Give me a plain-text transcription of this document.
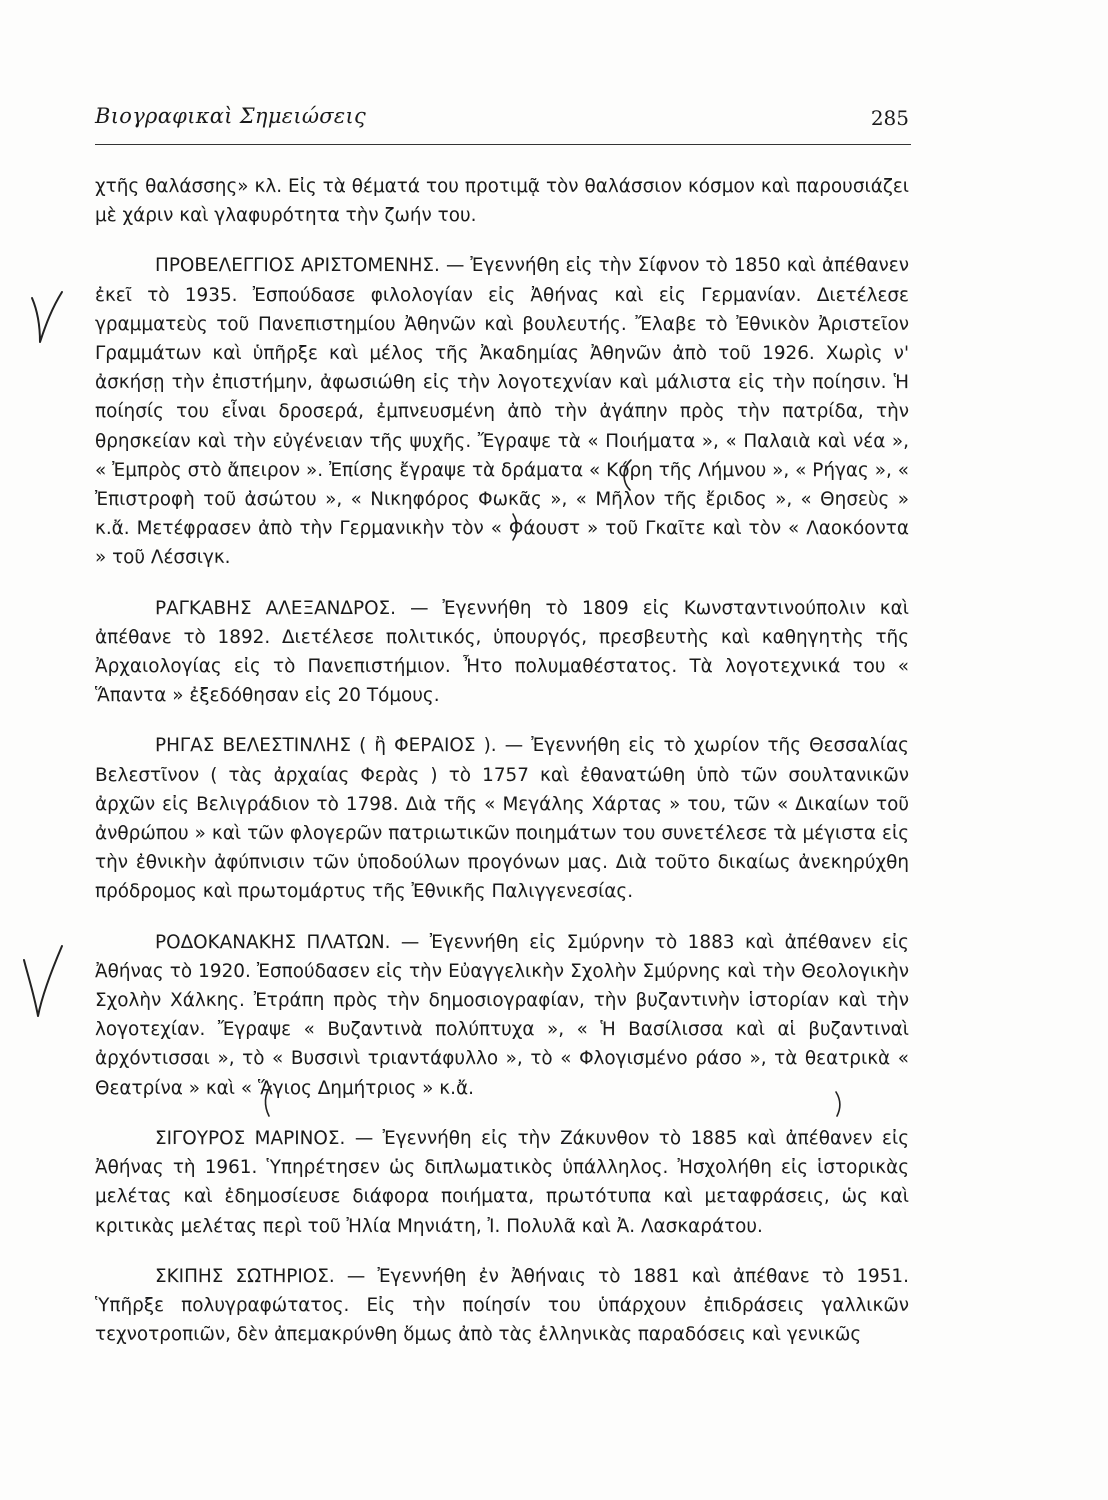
Βιογραφικαὶ Σημειώσεις	285

χτῆς θαλάσσης» κλ. Εἰς τὰ θέματά του προτιμᾷ τὸν θαλάσσιον κόσμον καὶ παρουσιάζει μὲ χάριν καὶ γλαφυρότητα τὴν ζωήν του.

ΠΡΟΒΕΛΕΓΓΙΟΣ ΑΡΙΣΤΟΜΕΝΗΣ. — Ἐγεννήθη εἰς τὴν Σίφνον τὸ 1850 καὶ ἀπέθανεν ἐκεῖ τὸ 1935. Ἐσπούδασε φιλολογίαν εἰς Ἀθήνας καὶ εἰς Γερμανίαν. Διετέλεσε γραμματεὺς τοῦ Πανεπιστημίου Ἀθηνῶν καὶ βουλευτής. Ἔλαβε τὸ Ἐθνικὸν Ἀριστεῖον Γραμμάτων καὶ ὑπῆρξε καὶ μέλος τῆς Ἀκαδημίας Ἀθηνῶν ἀπὸ τοῦ 1926. Χωρὶς ν' ἀσκήσῃ τὴν ἐπιστήμην, ἀφωσιώθη εἰς τὴν λογοτεχνίαν καὶ μάλιστα εἰς τὴν ποίησιν. Ἡ ποίησίς του εἶναι δροσερά, ἐμπνευσμένη ἀπὸ τὴν ἀγάπην πρὸς τὴν πατρίδα, τὴν θρησκείαν καὶ τὴν εὐγένειαν τῆς ψυχῆς. Ἔγραψε τὰ « Ποιήματα », « Παλαιὰ καὶ νέα », « Ἐμπρὸς στὸ ἄπειρον ». Ἐπίσης ἔγραψε τὰ δράματα « Κόρη τῆς Λήμνου », « Ρήγας », « Ἐπιστροφὴ τοῦ ἀσώτου », « Νικηφόρος Φωκᾶς », « Μῆλον τῆς ἔριδος », « Θησεὺς » κ.ἄ. Μετέφρασεν ἀπὸ τὴν Γερμανικὴν τὸν « Φάουστ » τοῦ Γκαῖτε καὶ τὸν « Λαοκόοντα » τοῦ Λέσσιγκ.

ΡΑΓΚΑΒΗΣ ΑΛΕΞΑΝΔΡΟΣ. — Ἐγεννήθη τὸ 1809 εἰς Κωνσταντινούπολιν καὶ ἀπέθανε τὸ 1892. Διετέλεσε πολιτικός, ὑπουργός, πρεσβευτὴς καὶ καθηγητὴς τῆς Ἀρχαιολογίας εἰς τὸ Πανεπιστήμιον. Ἦτο πολυμαθέστατος. Τὰ λογοτεχνικά του « Ἅπαντα » ἐξεδόθησαν εἰς 20 Τόμους.

ΡΗΓΑΣ ΒΕΛΕΣΤΙΝΛΗΣ ( ἢ ΦΕΡΑΙΟΣ ). — Ἐγεννήθη εἰς τὸ χωρίον τῆς Θεσσαλίας Βελεστῖνον ( τὰς ἀρχαίας Φερὰς ) τὸ 1757 καὶ ἐθανατώθη ὑπὸ τῶν σουλτανικῶν ἀρχῶν εἰς Βελιγράδιον τὸ 1798. Διὰ τῆς « Μεγάλης Χάρτας » του, τῶν « Δικαίων τοῦ ἀνθρώπου » καὶ τῶν φλογερῶν πατριωτικῶν ποιημάτων του συνετέλεσε τὰ μέγιστα εἰς τὴν ἐθνικὴν ἀφύπνισιν τῶν ὑποδούλων προγόνων μας. Διὰ τοῦτο δικαίως ἀνεκηρύχθη πρόδρομος καὶ πρωτομάρτυς τῆς Ἐθνικῆς Παλιγγενεσίας.

ΡΟΔΟΚΑΝΑΚΗΣ ΠΛΑΤΩΝ. — Ἐγεννήθη εἰς Σμύρνην τὸ 1883 καὶ ἀπέθανεν εἰς Ἀθήνας τὸ 1920. Ἐσπούδασεν εἰς τὴν Εὐαγγελικὴν Σχολὴν Σμύρνης καὶ τὴν Θεολογικὴν Σχολὴν Χάλκης. Ἐτράπη πρὸς τὴν δημοσιογραφίαν, τὴν βυζαντινὴν ἱστορίαν καὶ τὴν λογοτεχίαν. Ἔγραψε « Βυζαντινὰ πολύπτυχα », « Ἡ Βασίλισσα καὶ αἱ βυζαντιναὶ ἀρχόντισσαι », τὸ « Βυσσινὶ τριαντάφυλλο », τὸ « Φλογισμένο ράσο », τὰ θεατρικὰ « Θεατρίνα » καὶ « Ἅγιος Δημήτριος » κ.ἄ.

ΣΙΓΟΥΡΟΣ ΜΑΡΙΝΟΣ. — Ἐγεννήθη εἰς τὴν Ζάκυνθον τὸ 1885 καὶ ἀπέθανεν εἰς Ἀθήνας τὴ 1961. Ὑπηρέτησεν ὡς διπλωματικὸς ὑπάλληλος. Ἠσχολήθη εἰς ἱστορικὰς μελέτας καὶ ἐδημοσίευσε διάφορα ποιήματα, πρωτότυπα καὶ μεταφράσεις, ὡς καὶ κριτικὰς μελέτας περὶ τοῦ Ἠλία Μηνιάτη, Ἰ. Πολυλᾶ καὶ Ἀ. Λασκαράτου.

ΣΚΙΠΗΣ ΣΩΤΗΡΙΟΣ. — Ἐγεννήθη ἐν Ἀθήναις τὸ 1881 καὶ ἀπέθανε τὸ 1951. Ὑπῆρξε πολυγραφώτατος. Εἰς τὴν ποίησίν του ὑπάρχουν ἐπιδράσεις γαλλικῶν τεχνοτροπιῶν, δὲν ἀπεμακρύνθη ὅμως ἀπὸ τὰς ἑλληνικὰς παραδόσεις καὶ γενικῶς
